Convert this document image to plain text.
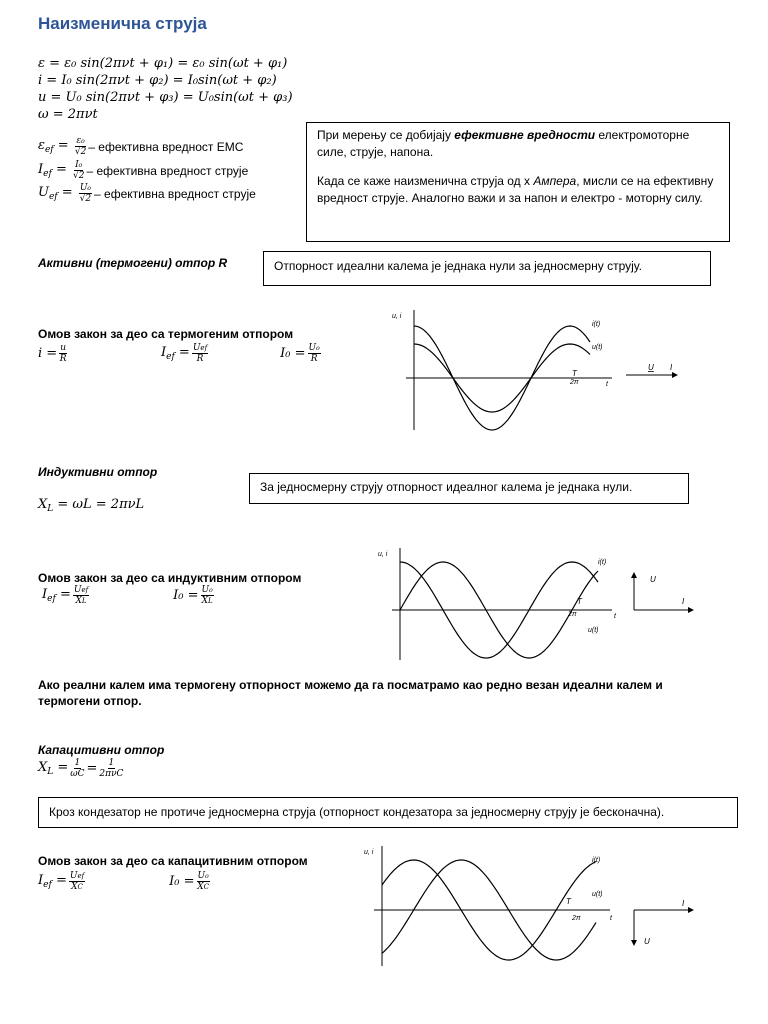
Наизменична струја
ε = ε₀ sin(2πνt + φ₁) = ε₀ sin(ωt + φ₁)
i = I₀ sin(2πνt + φ₂) = I₀sin(ωt + φ₂)
u = U₀ sin(2πνt + φ₃) = U₀sin(ωt + φ₃)
ω = 2πνt
$\varepsilon_{ef} = \frac{\text{ε₀}}{√2}$ – ефективна вредност ЕМС
$I_{ef} = \frac{\text{I₀}}{√2}$ – ефективна вредност струје
$U_{ef} = \frac{\text{U₀}}{√2}$ – ефективна вредност струје
При мерењу се добијају ефективне вредности електромоторне силе, струје, напона.
Када се каже наизменична струја од x Ампера, мисли се на ефективну вредност струје. Аналогно важи и за напон и електро - моторну силу.
Активни (термогени) отпор R	Отпорност идеални калема је једнака нули за једносмерну струју.
Омов закон за део са термогеним отпором
$i = \frac{u}{R}$	$I_{ef} = \frac{\text{Uef}}{R}$	$I_0 = \frac{\text{U₀}}{R}$
u, i
i(t)
u(t)
T
2π	t
U I
Индуктивни отпор
За једносмерну струју отпорност идеалног калема је једнака нули.
$X_L = \omega L = 2\pi\nu L$
Омов закон за део са индуктивним отпором
$I_{ef} = \frac{\text{Uef}}{XL}$	$I_0 = \frac{\text{U₀}}{XL}$
u, i
i(t)
u(t)
T
2π	t
U
I
Ако реални калем има термогену отпорност можемо да га посматрамо као редно везан идеални калем и термогени отпор.
Капацитивни отпор
$X_L = \frac{1}{\omega C} = \frac{1}{\text{2πνC}}$
Кроз кондезатор не протиче једносмерна струја (отпорност кондезатора за једносмерну струју је бесконачна).
Омов закон за део са капацитивним отпором
$I_{ef} = \frac{\text{Uef}}{XC}$	$I_0 = \frac{\text{U₀}}{XC}$
u, i
i(t)
u(t)
T
2π	t
I
U
